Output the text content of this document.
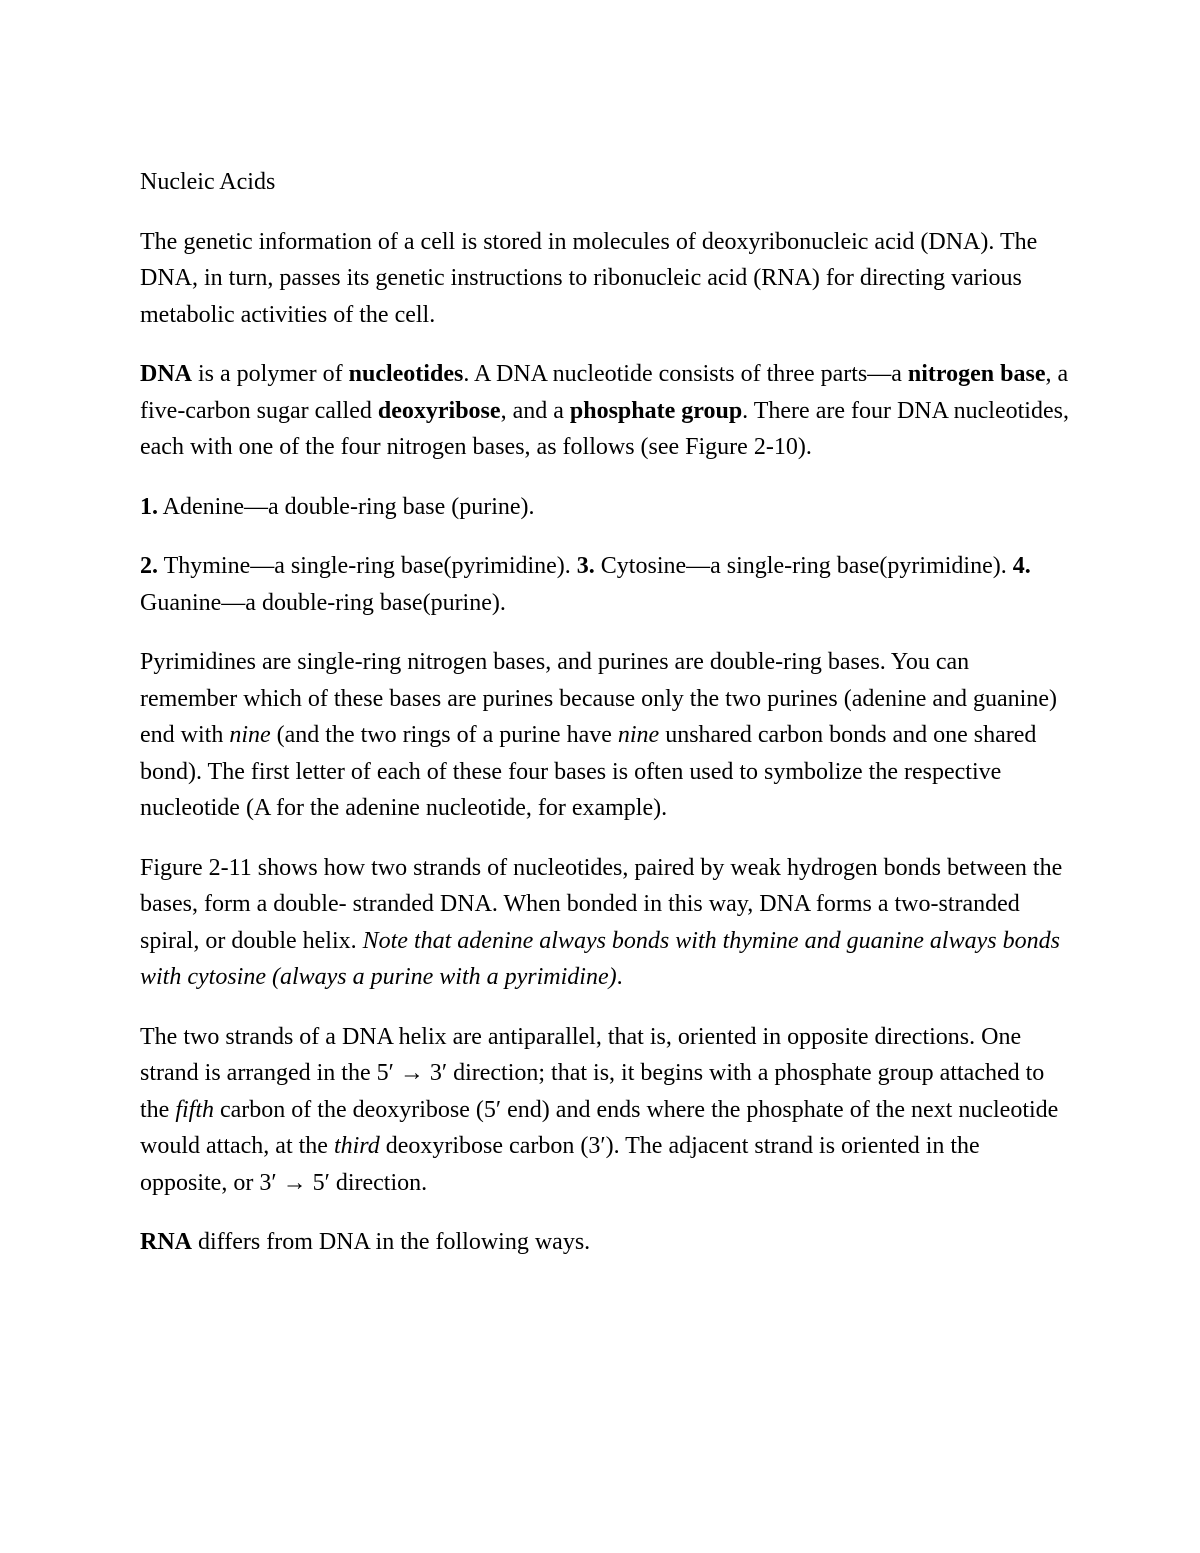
Nucleic Acids

The genetic information of a cell is stored in molecules of deoxyribonucleic acid (DNA). The DNA, in turn, passes its genetic instructions to ribonucleic acid (RNA) for directing various metabolic activities of the cell.

DNA is a polymer of nucleotides. A DNA nucleotide consists of three parts—a nitrogen base, a five-carbon sugar called deoxyribose, and a phosphate group. There are four DNA nucleotides, each with one of the four nitrogen bases, as follows (see Figure 2-10).

1. Adenine—a double-ring base (purine).

2. Thymine—a single-ring base(pyrimidine). 3. Cytosine—a single-ring base(pyrimidine). 4. Guanine—a double-ring base(purine).

Pyrimidines are single-ring nitrogen bases, and purines are double-ring bases. You can remember which of these bases are purines because only the two purines (adenine and guanine) end with nine (and the two rings of a purine have nine unshared carbon bonds and one shared bond). The first letter of each of these four bases is often used to symbolize the respective nucleotide (A for the adenine nucleotide, for example).

Figure 2-11 shows how two strands of nucleotides, paired by weak hydrogen bonds between the bases, form a double- stranded DNA. When bonded in this way, DNA forms a two-stranded spiral, or double helix. Note that adenine always bonds with thymine and guanine always bonds with cytosine (always a purine with a pyrimidine).

The two strands of a DNA helix are antiparallel, that is, oriented in opposite directions. One strand is arranged in the 5′ → 3′ direction; that is, it begins with a phosphate group attached to the fifth carbon of the deoxyribose (5′ end) and ends where the phosphate of the next nucleotide would attach, at the third deoxyribose carbon (3′). The adjacent strand is oriented in the opposite, or 3′ → 5′ direction.

RNA differs from DNA in the following ways.
